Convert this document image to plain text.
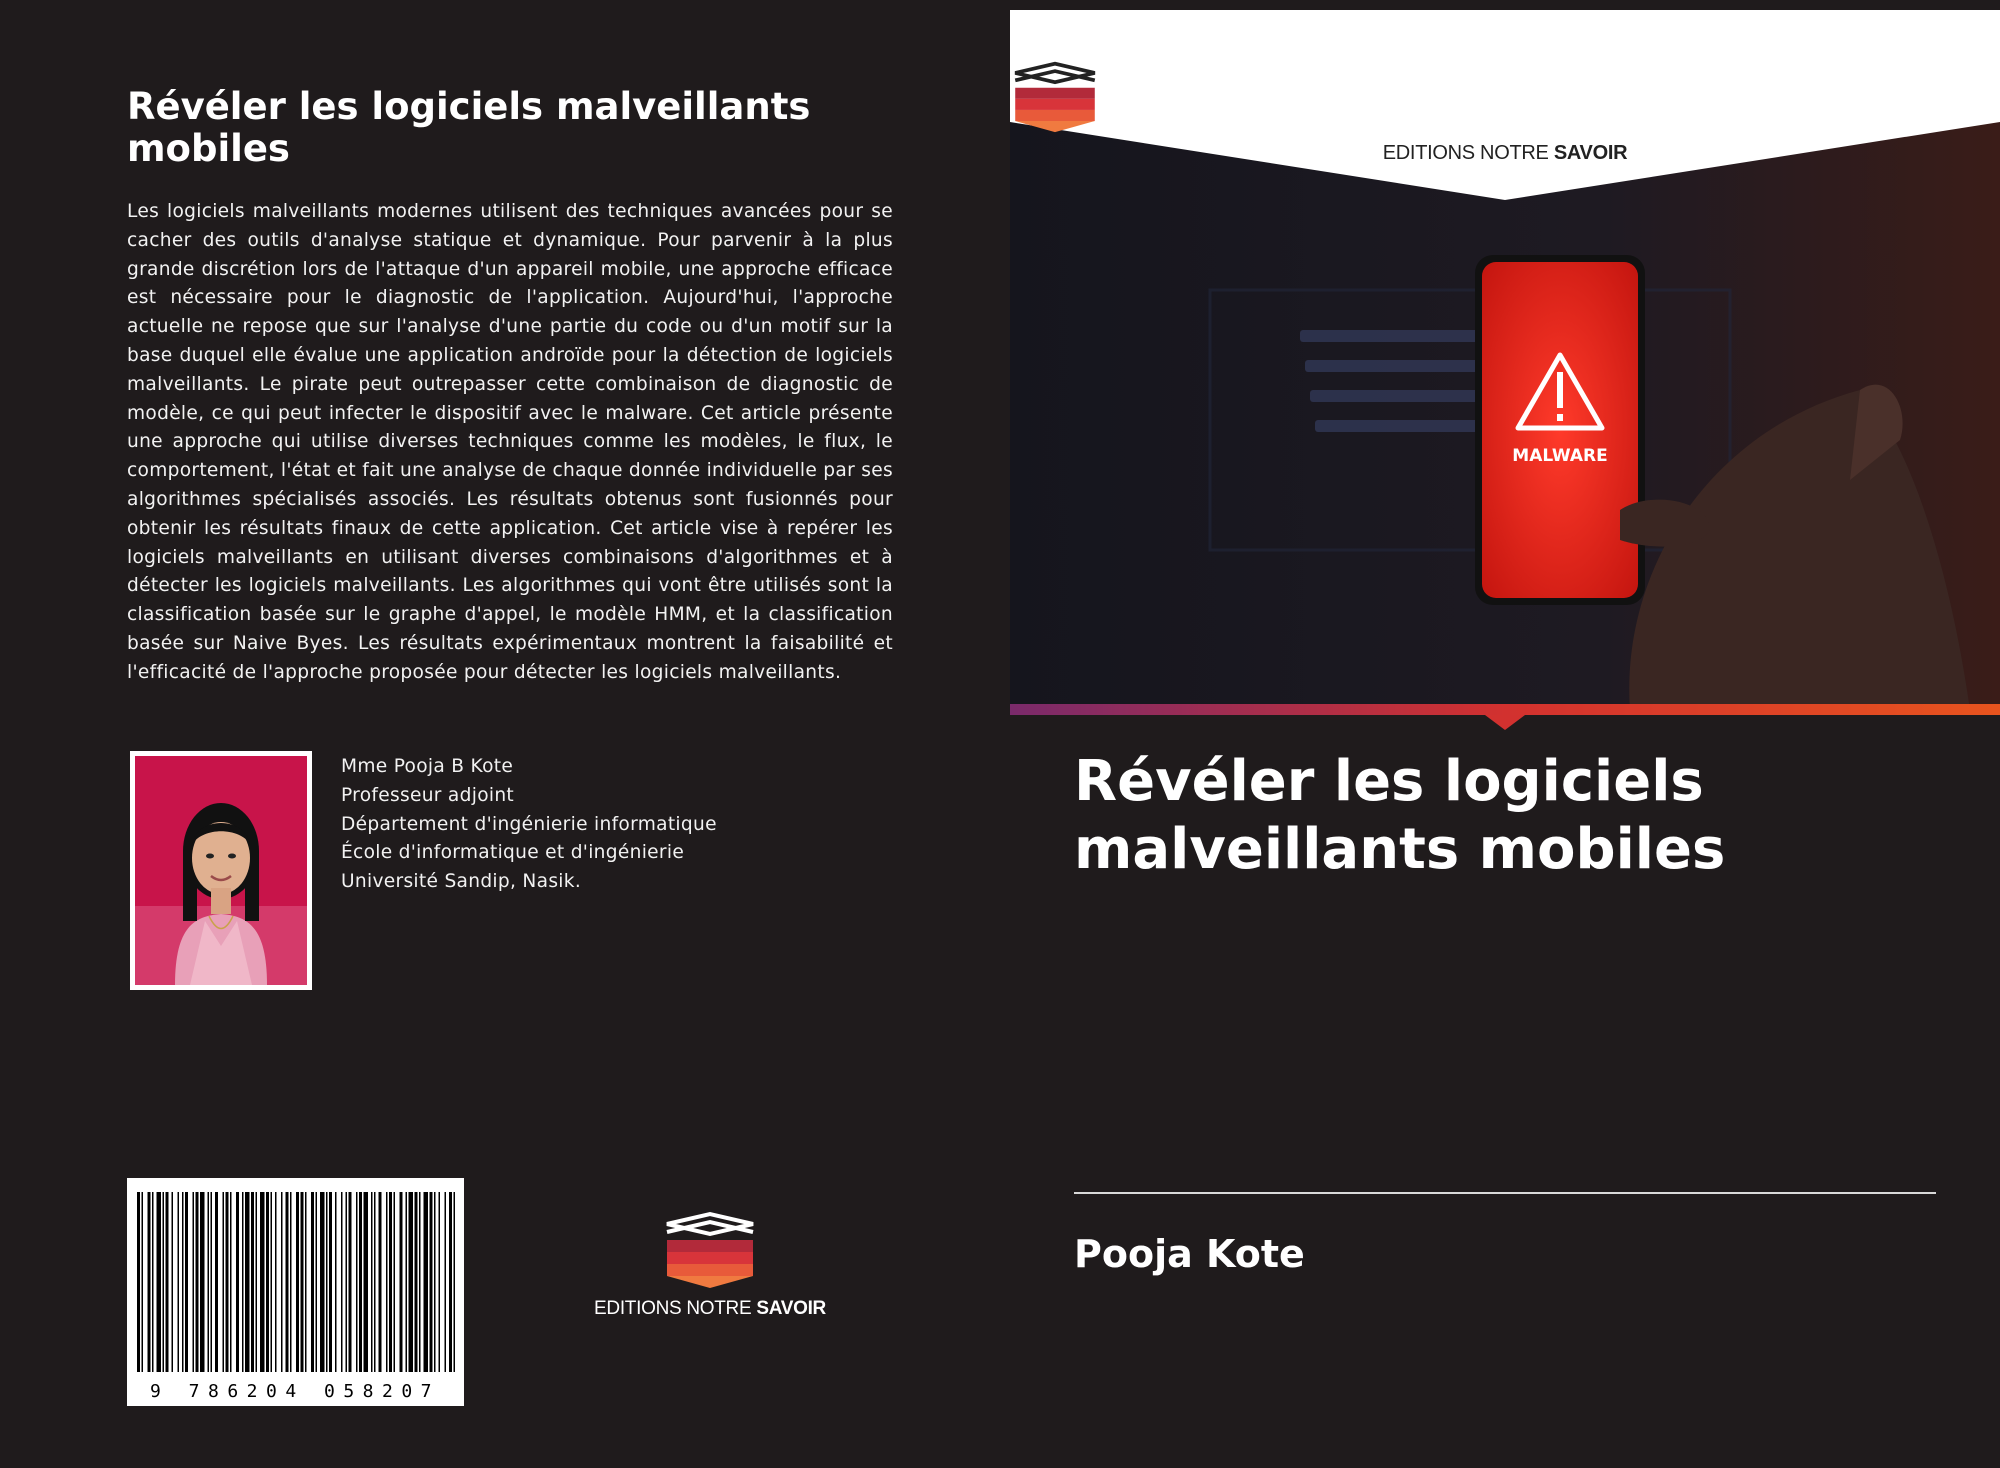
Révéler les logiciels malveillants mobiles

Les logiciels malveillants modernes utilisent des techniques avancées pour se cacher des outils d'analyse statique et dynamique. Pour parvenir à la plus grande discrétion lors de l'attaque d'un appareil mobile, une approche efficace est nécessaire pour le diagnostic de l'application. Aujourd'hui, l'approche actuelle ne repose que sur l'analyse d'une partie du code ou d'un motif sur la base duquel elle évalue une application androïde pour la détection de logiciels malveillants. Le pirate peut outrepasser cette combinaison de diagnostic de modèle, ce qui peut infecter le dispositif avec le malware. Cet article présente une approche qui utilise diverses techniques comme les modèles, le flux, le comportement, l'état et fait une analyse de chaque donnée individuelle par ses algorithmes spécialisés associés. Les résultats obtenus sont fusionnés pour obtenir les résultats finaux de cette application. Cet article vise à repérer les logiciels malveillants en utilisant diverses combinaisons d'algorithmes et à détecter les logiciels malveillants. Les algorithmes qui vont être utilisés sont la classification basée sur le graphe d'appel, le modèle HMM, et la classification basée sur Naive Byes. Les résultats expérimentaux montrent la faisabilité et l'efficacité de l'approche proposée pour détecter les logiciels malveillants.

Mme Pooja B Kote
Professeur adjoint
Département d'ingénierie informatique
École d'informatique et d'ingénierie
Université Sandip, Nasik.
9 786204 058207
EDITIONS NOTRE SAVOIR
MALWARE
EDITIONS NOTRE SAVOIR
Révéler les logiciels malveillants mobiles
Pooja Kote
